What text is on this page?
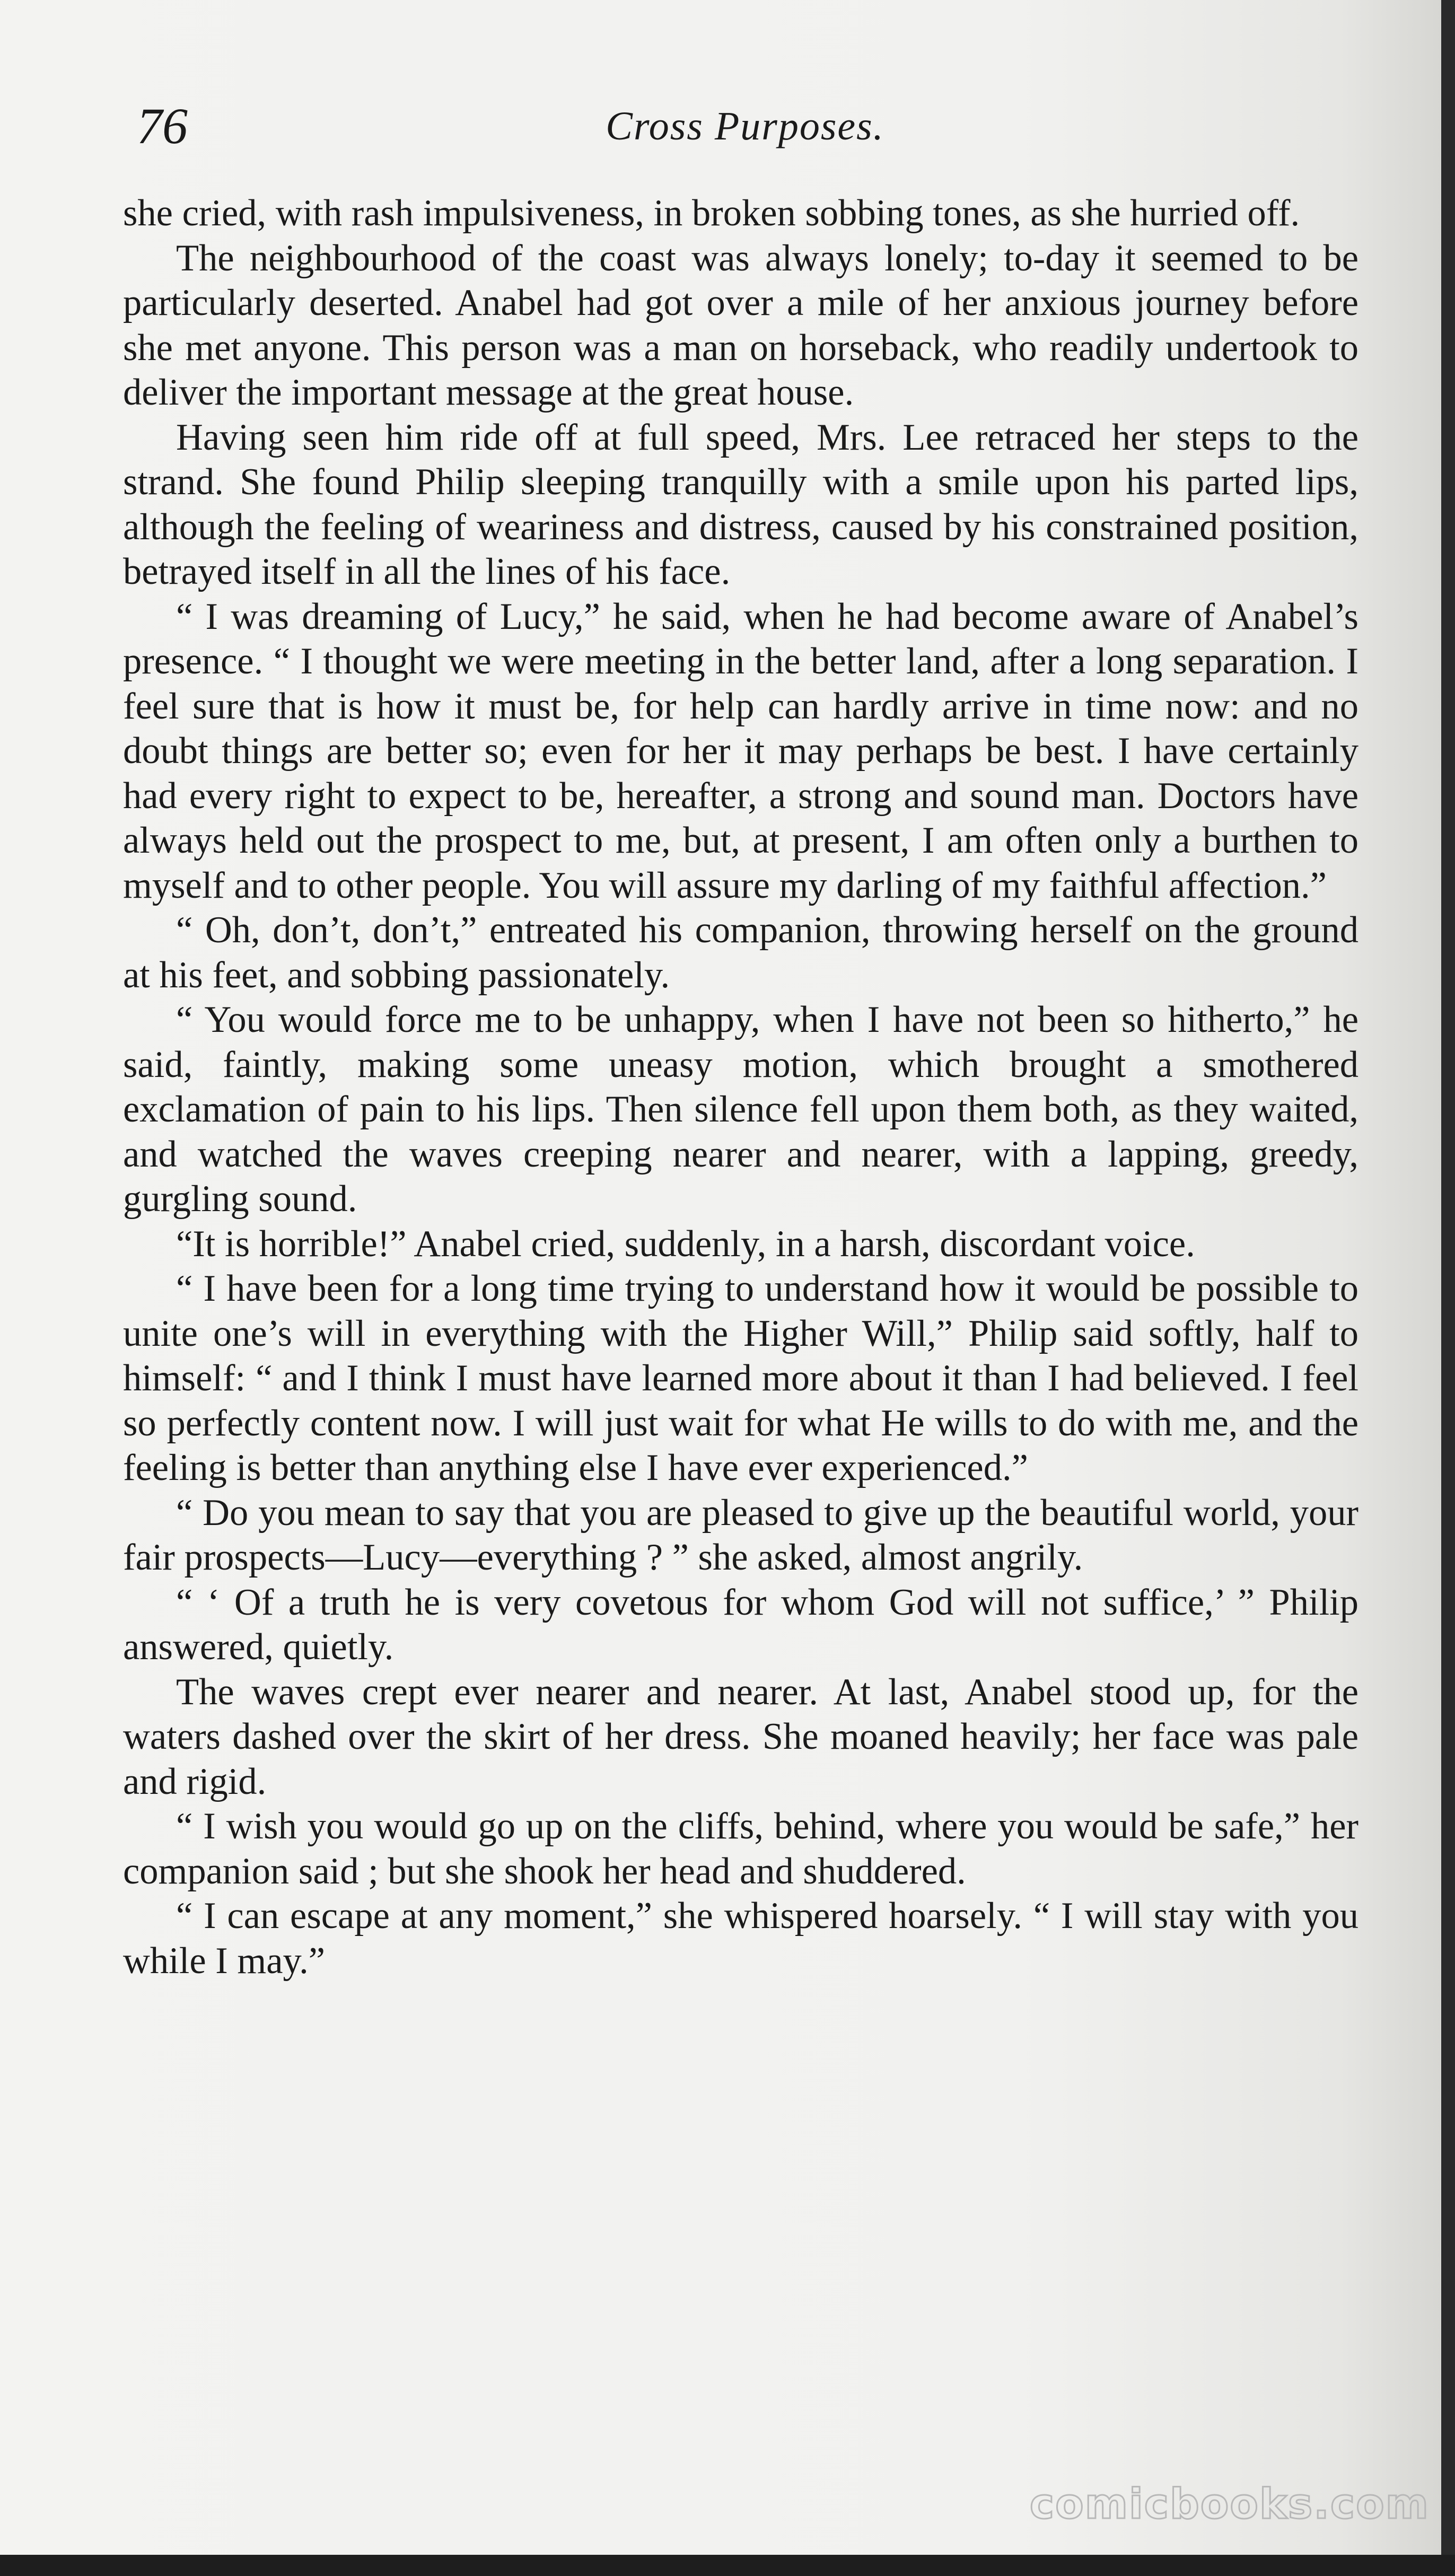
76	Cross Purposes.

she cried, with rash impulsiveness, in broken sobbing tones, as she hurried off.

The neighbourhood of the coast was always lonely; to-day it seemed to be particularly deserted. Anabel had got over a mile of her anxious journey before she met anyone. This person was a man on horseback, who readily undertook to deliver the important message at the great house.

Having seen him ride off at full speed, Mrs. Lee retraced her steps to the strand. She found Philip sleeping tranquilly with a smile upon his parted lips, although the feeling of weariness and distress, caused by his constrained position, betrayed itself in all the lines of his face.

“ I was dreaming of Lucy,” he said, when he had become aware of Anabel’s presence. “ I thought we were meeting in the better land, after a long separation. I feel sure that is how it must be, for help can hardly arrive in time now: and no doubt things are better so; even for her it may perhaps be best. I have certainly had every right to expect to be, hereafter, a strong and sound man. Doctors have always held out the prospect to me, but, at present, I am often only a burthen to myself and to other people. You will assure my darling of my faithful affection.”

“ Oh, don’t, don’t,” entreated his companion, throwing herself on the ground at his feet, and sobbing passionately.

“ You would force me to be unhappy, when I have not been so hitherto,” he said, faintly, making some uneasy motion, which brought a smothered exclamation of pain to his lips. Then silence fell upon them both, as they waited, and watched the waves creeping nearer and nearer, with a lapping, greedy, gurgling sound.

“It is horrible!” Anabel cried, suddenly, in a harsh, discordant voice.

“ I have been for a long time trying to understand how it would be possible to unite one’s will in everything with the Higher Will,” Philip said softly, half to himself: “ and I think I must have learned more about it than I had believed. I feel so perfectly content now. I will just wait for what He wills to do with me, and the feeling is better than anything else I have ever experienced.”

“ Do you mean to say that you are pleased to give up the beautiful world, your fair prospects—Lucy—everything ? ” she asked, almost angrily.

“ ‘ Of a truth he is very covetous for whom God will not suffice,’ ” Philip answered, quietly.

The waves crept ever nearer and nearer. At last, Anabel stood up, for the waters dashed over the skirt of her dress. She moaned heavily; her face was pale and rigid.

“ I wish you would go up on the cliffs, behind, where you would be safe,” her companion said ; but she shook her head and shuddered.

“ I can escape at any moment,” she whispered hoarsely. “ I will stay with you while I may.”

comicbooks.com
